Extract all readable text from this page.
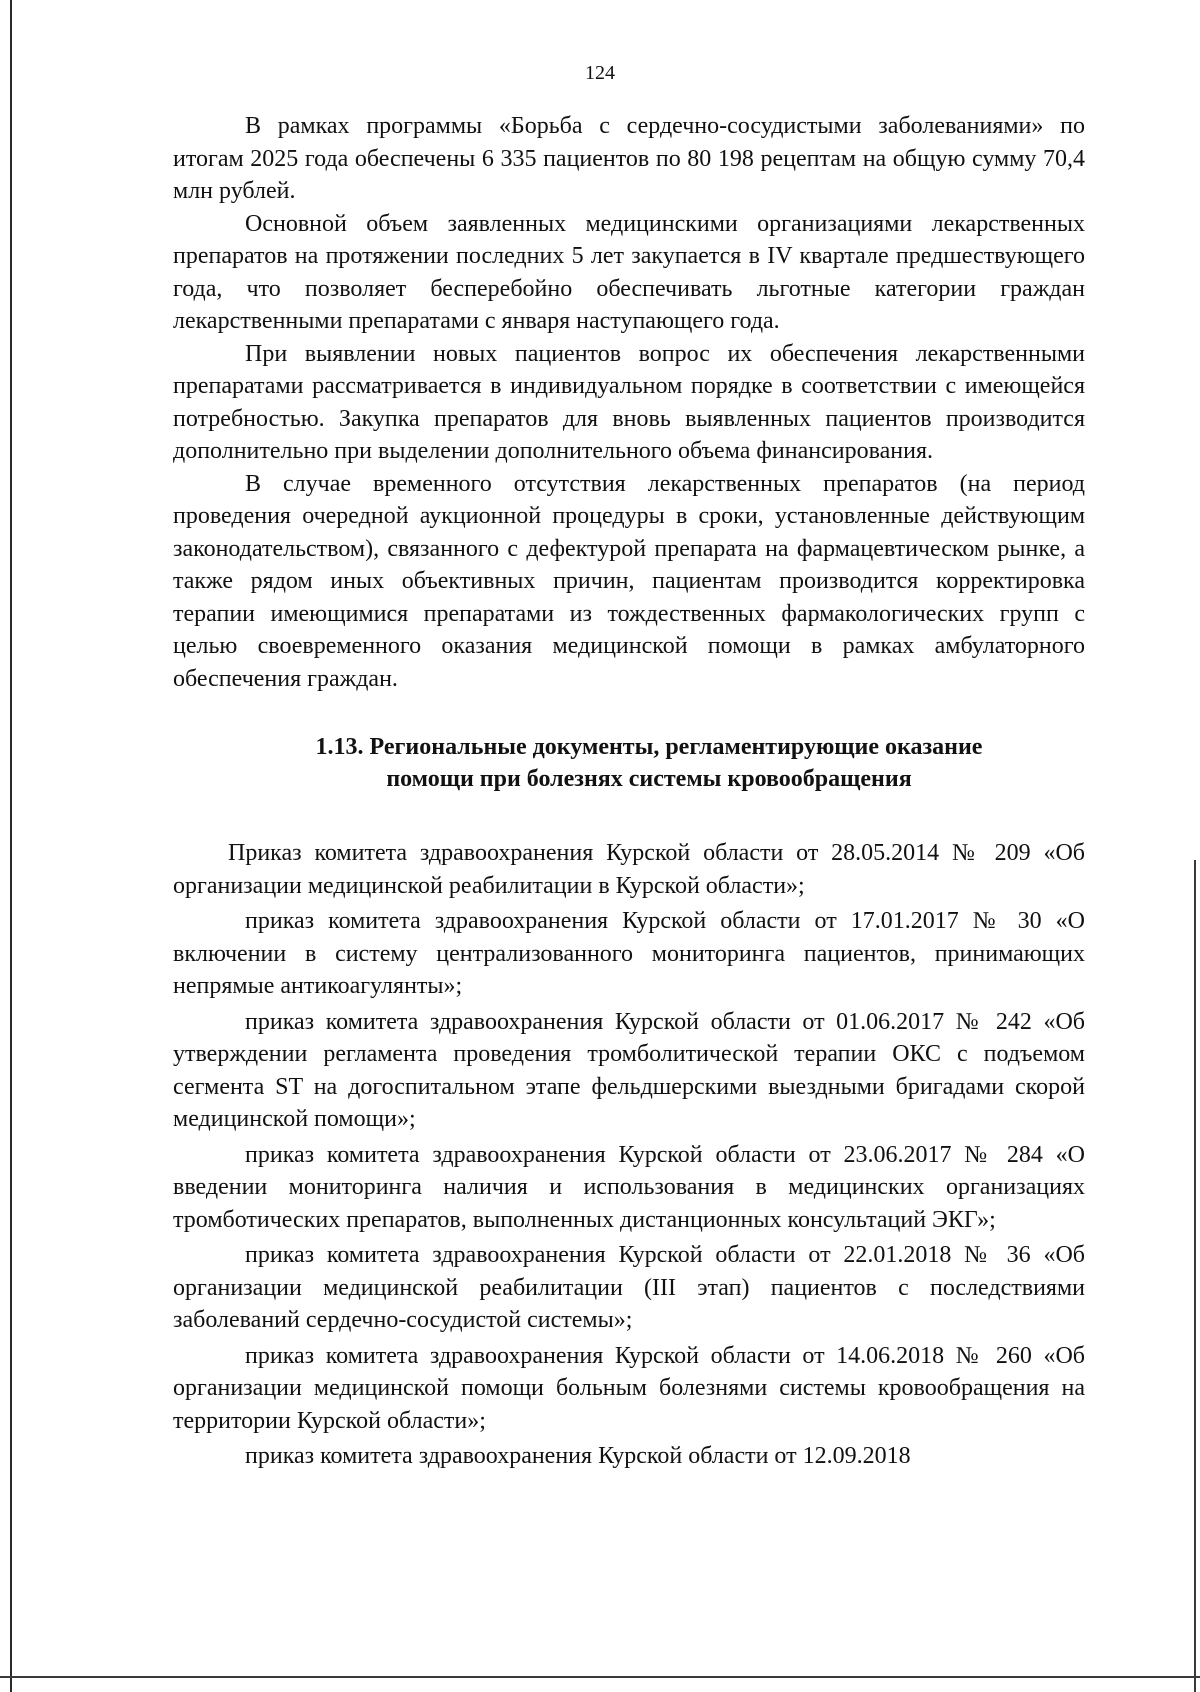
124

В рамках программы «Борьба с сердечно-сосудистыми заболеваниями» по итогам 2025 года обеспечены 6 335 пациентов по 80 198 рецептам на общую сумму 70,4 млн рублей.

Основной объем заявленных медицинскими организациями лекарственных препаратов на протяжении последних 5 лет закупается в IV квартале предшествующего года, что позволяет бесперебойно обеспечивать льготные категории граждан лекарственными препаратами с января наступающего года.

При выявлении новых пациентов вопрос их обеспечения лекарственными препаратами рассматривается в индивидуальном порядке в соответствии с имеющейся потребностью. Закупка препаратов для вновь выявленных пациентов производится дополнительно при выделении дополнительного объема финансирования.

В случае временного отсутствия лекарственных препаратов (на период проведения очередной аукционной процедуры в сроки, установленные действующим законодательством), связанного с дефектурой препарата на фармацевтическом рынке, а также рядом иных объективных причин, пациентам производится корректировка терапии имеющимися препаратами из тождественных фармакологических групп с целью своевременного оказания медицинской помощи в рамках амбулаторного обеспечения граждан.

1.13. Региональные документы, регламентирующие оказание
помощи при болезнях системы кровообращения

Приказ комитета здравоохранения Курской области от 28.05.2014 № 209 «Об организации медицинской реабилитации в Курской области»;

приказ комитета здравоохранения Курской области от 17.01.2017 № 30 «О включении в систему централизованного мониторинга пациентов, принимающих непрямые антикоагулянты»;

приказ комитета здравоохранения Курской области от 01.06.2017 № 242 «Об утверждении регламента проведения тромболитической терапии ОКС с подъемом сегмента ST на догоспитальном этапе фельдшерскими выездными бригадами скорой медицинской помощи»;

приказ комитета здравоохранения Курской области от 23.06.2017 № 284 «О введении мониторинга наличия и использования в медицинских организациях тромботических препаратов, выполненных дистанционных консультаций ЭКГ»;

приказ комитета здравоохранения Курской области от 22.01.2018 № 36 «Об организации медицинской реабилитации (III этап) пациентов с последствиями заболеваний сердечно-сосудистой системы»;

приказ комитета здравоохранения Курской области от 14.06.2018 № 260 «Об организации медицинской помощи больным болезнями системы кровообращения на территории Курской области»;

приказ комитета здравоохранения Курской области от 12.09.2018
